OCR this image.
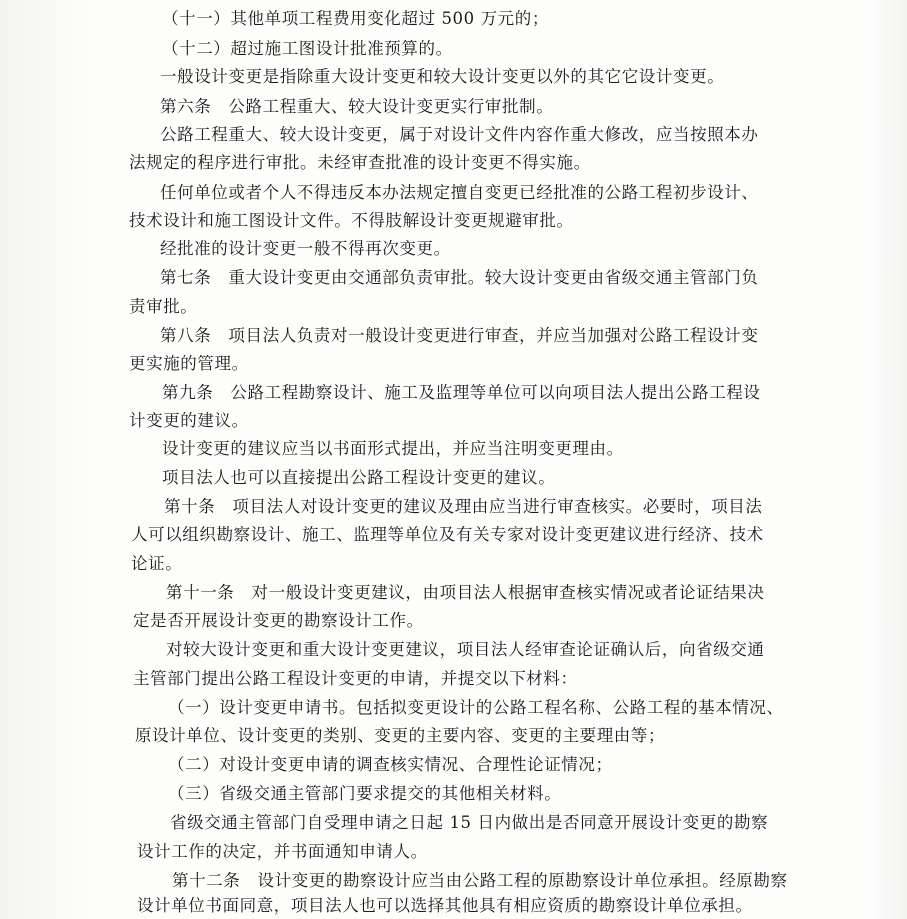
（十一）其他单项工程费用变化超过 500 万元的；
（十二）超过施工图设计批准预算的。
一般设计变更是指除重大设计变更和较大设计变更以外的其它它设计变更。
第六条　公路工程重大、较大设计变更实行审批制。
公路工程重大、较大设计变更，属于对设计文件内容作重大修改，应当按照本办
法规定的程序进行审批。未经审查批准的设计变更不得实施。
任何单位或者个人不得违反本办法规定擅自变更已经批准的公路工程初步设计、
技术设计和施工图设计文件。不得肢解设计变更规避审批。
经批准的设计变更一般不得再次变更。
第七条　重大设计变更由交通部负责审批。较大设计变更由省级交通主管部门负
责审批。
第八条　项目法人负责对一般设计变更进行审查，并应当加强对公路工程设计变
更实施的管理。
第九条　公路工程勘察设计、施工及监理等单位可以向项目法人提出公路工程设
计变更的建议。
设计变更的建议应当以书面形式提出，并应当注明变更理由。
项目法人也可以直接提出公路工程设计变更的建议。
第十条　项目法人对设计变更的建议及理由应当进行审查核实。必要时，项目法
人可以组织勘察设计、施工、监理等单位及有关专家对设计变更建议进行经济、技术
论证。
第十一条　对一般设计变更建议，由项目法人根据审查核实情况或者论证结果决
定是否开展设计变更的勘察设计工作。
对较大设计变更和重大设计变更建议，项目法人经审查论证确认后，向省级交通
主管部门提出公路工程设计变更的申请，并提交以下材料：
（一）设计变更申请书。包括拟变更设计的公路工程名称、公路工程的基本情况、
原设计单位、设计变更的类别、变更的主要内容、变更的主要理由等；
（二）对设计变更申请的调查核实情况、合理性论证情况；
（三）省级交通主管部门要求提交的其他相关材料。
省级交通主管部门自受理申请之日起 15 日内做出是否同意开展设计变更的勘察
设计工作的决定，并书面通知申请人。
第十二条　设计变更的勘察设计应当由公路工程的原勘察设计单位承担。经原勘察
设计单位书面同意，项目法人也可以选择其他具有相应资质的勘察设计单位承担。
